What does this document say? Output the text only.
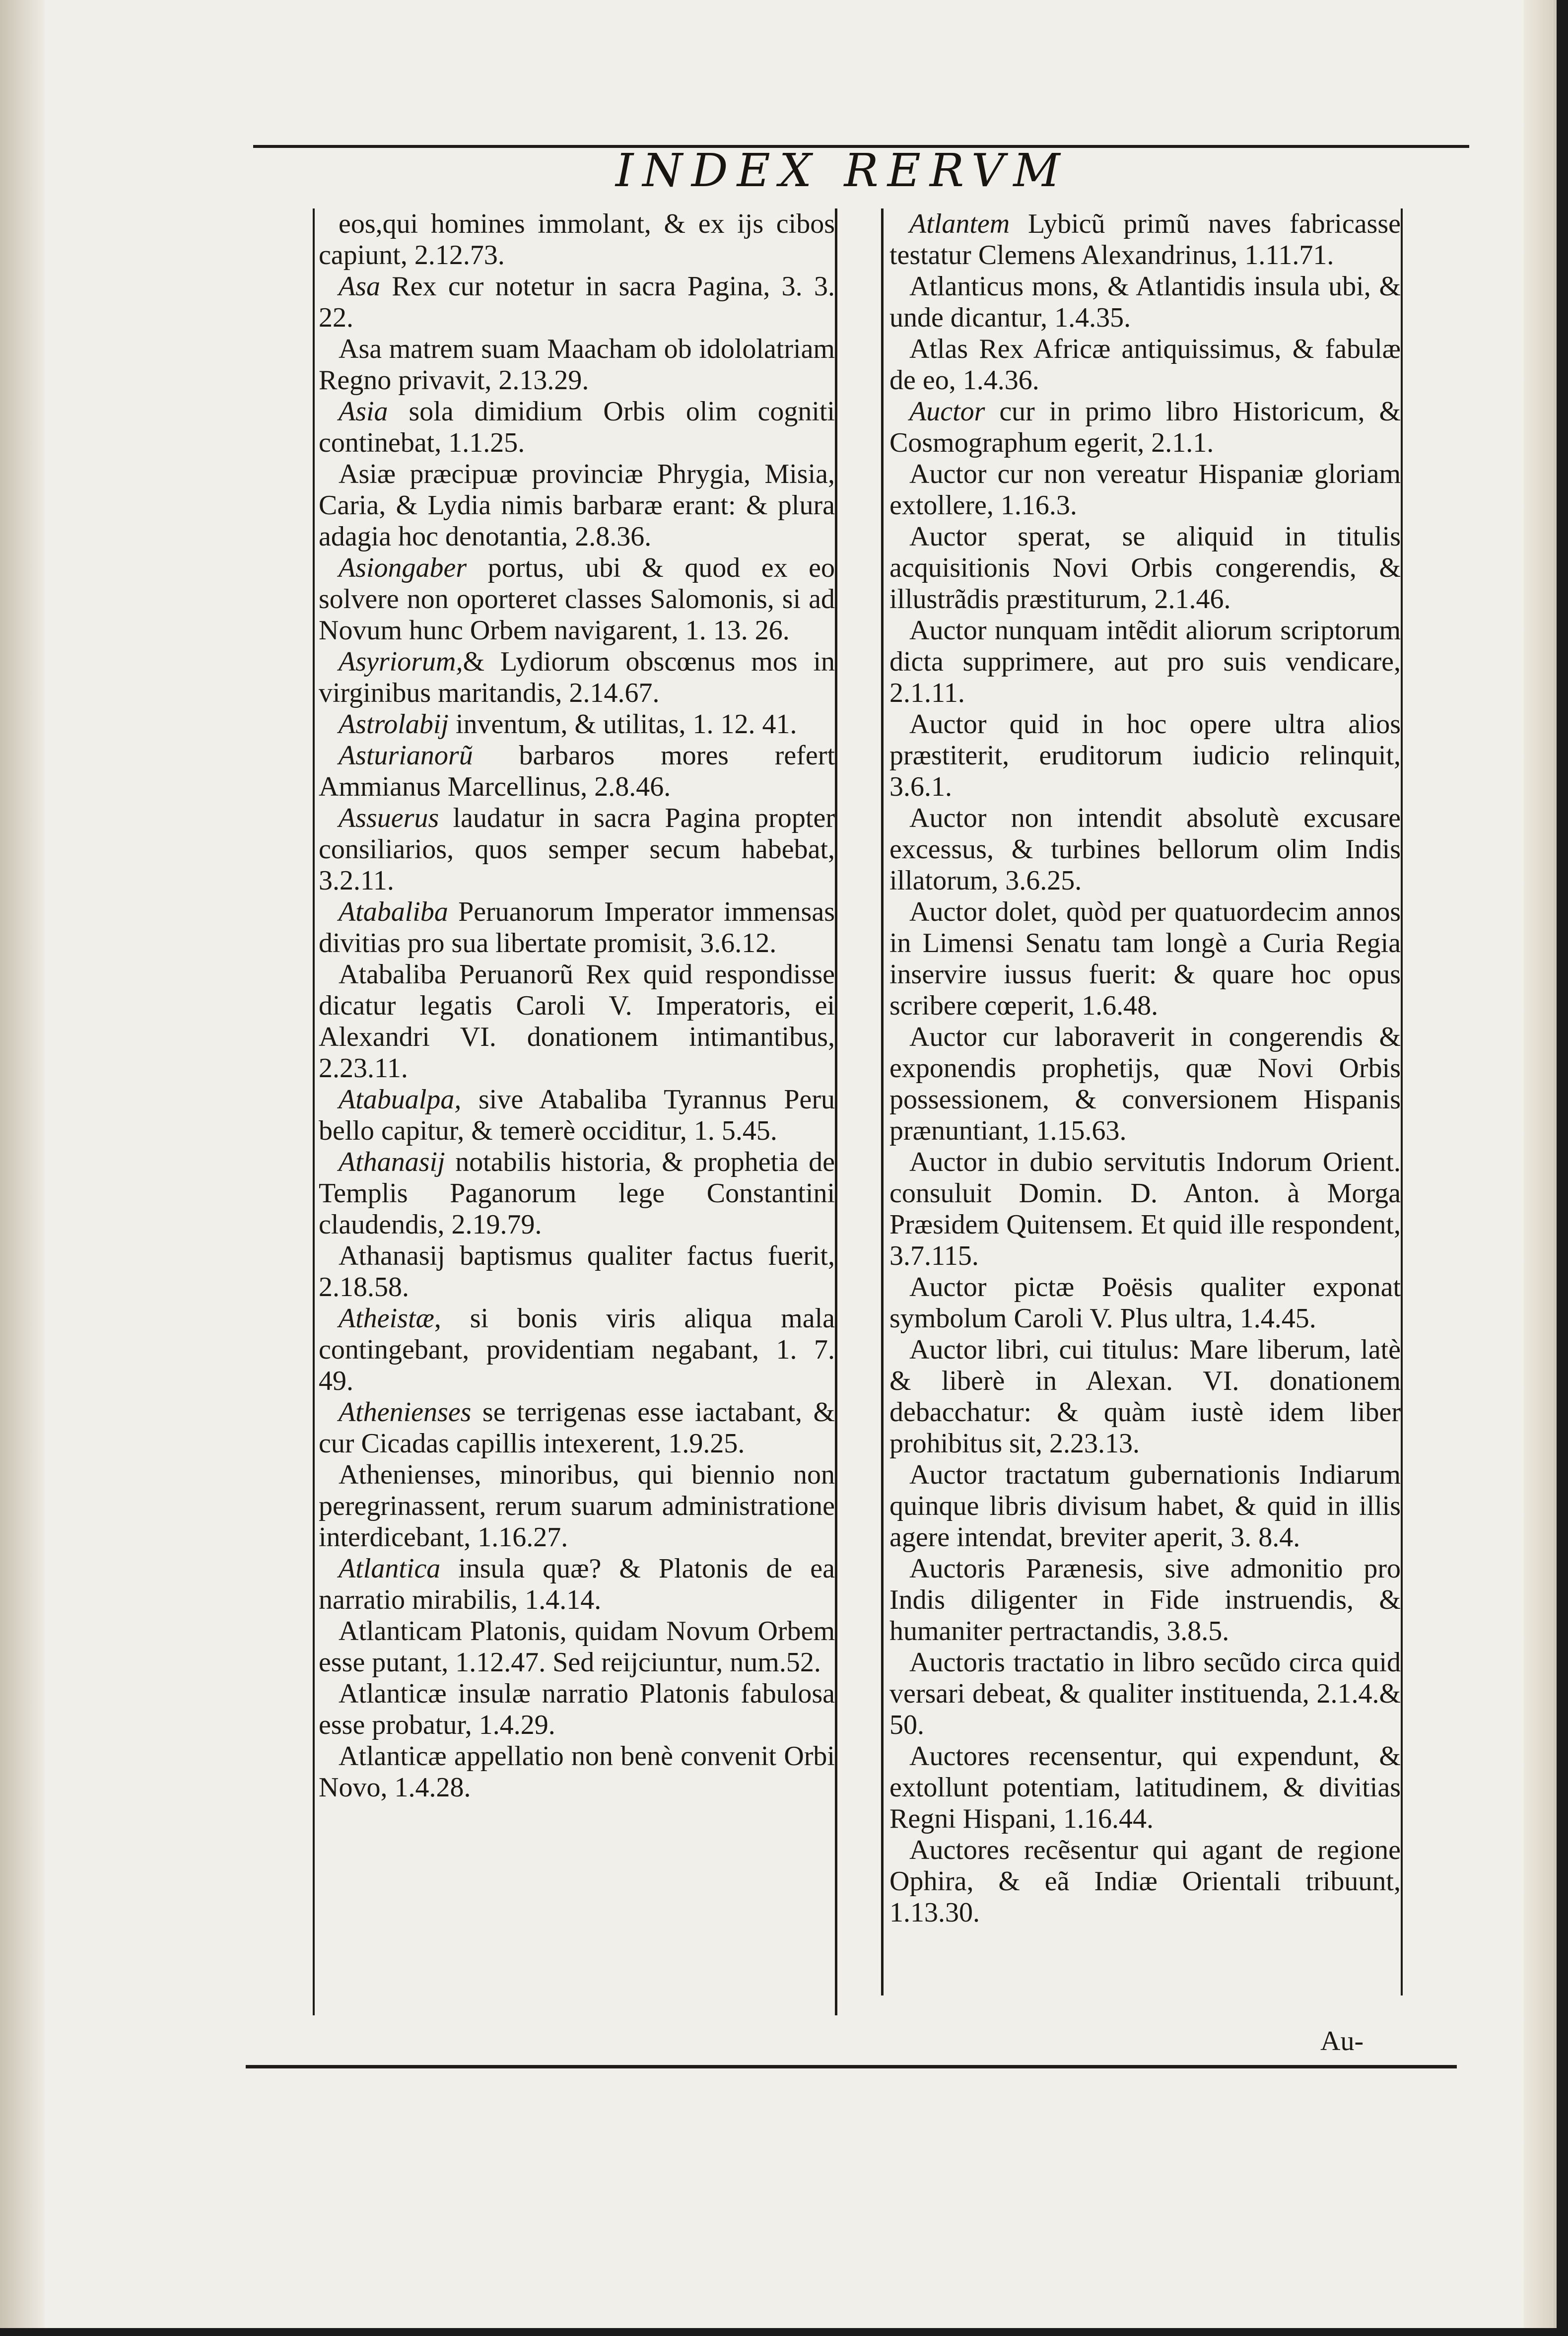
INDEX RERVM

eos,qui homines immolant, & ex ijs cibos capiunt, 2.12.73.

Asa Rex cur notetur in sacra Pagina, 3. 3. 22.

Asa matrem suam Maacham ob idololatriam Regno privavit, 2.13.29.

Asia sola dimidium Orbis olim cogniti continebat, 1.1.25.

Asiæ præcipuæ provinciæ Phrygia, Misia, Caria, & Lydia nimis barbaræ erant: & plura adagia hoc denotantia, 2.8.36.

Asiongaber portus, ubi & quod ex eo solvere non oporteret classes Salomonis, si ad Novum hunc Orbem navigarent, 1. 13. 26.

Asyriorum,& Lydiorum obscœnus mos in virginibus maritandis, 2.14.67.

Astrolabij inventum, & utilitas, 1. 12. 41.

Asturianorũ barbaros mores refert Ammianus Marcellinus, 2.8.46.

Assuerus laudatur in sacra Pagina propter consiliarios, quos semper secum habebat, 3.2.11.

Atabaliba Peruanorum Imperator immensas divitias pro sua libertate promisit, 3.6.12.

Atabaliba Peruanorũ Rex quid respondisse dicatur legatis Caroli V. Imperatoris, ei Alexandri VI. donationem intimantibus, 2.23.11.

Atabualpa, sive Atabaliba Tyrannus Peru bello capitur, & temerè occiditur, 1. 5.45.

Athanasij notabilis historia, & prophetia de Templis Paganorum lege Constantini claudendis, 2.19.79.

Athanasij baptismus qualiter factus fuerit, 2.18.58.

Atheistæ, si bonis viris aliqua mala contingebant, providentiam negabant, 1. 7. 49.

Athenienses se terrigenas esse iactabant, & cur Cicadas capillis intexerent, 1.9.25.

Athenienses, minoribus, qui biennio non peregrinassent, rerum suarum administratione interdicebant, 1.16.27.

Atlantica insula quæ? & Platonis de ea narratio mirabilis, 1.4.14.

Atlanticam Platonis, quidam Novum Orbem esse putant, 1.12.47. Sed reijciuntur, num.52.

Atlanticæ insulæ narratio Platonis fabulosa esse probatur, 1.4.29.

Atlanticæ appellatio non benè convenit Orbi Novo, 1.4.28.

Atlantem Lybicũ primũ naves fabricasse testatur Clemens Alexandrinus, 1.11.71.

Atlanticus mons, & Atlantidis insula ubi, & unde dicantur, 1.4.35.

Atlas Rex Africæ antiquissimus, & fabulæ de eo, 1.4.36.

Auctor cur in primo libro Historicum, & Cosmographum egerit, 2.1.1.

Auctor cur non vereatur Hispaniæ gloriam extollere, 1.16.3.

Auctor sperat, se aliquid in titulis acquisitionis Novi Orbis congerendis, & illustrãdis præstiturum, 2.1.46.

Auctor nunquam intẽdit aliorum scriptorum dicta supprimere, aut pro suis vendicare, 2.1.11.

Auctor quid in hoc opere ultra alios præstiterit, eruditorum iudicio relinquit, 3.6.1.

Auctor non intendit absolutè excusare excessus, & turbines bellorum olim Indis illatorum, 3.6.25.

Auctor dolet, quòd per quatuordecim annos in Limensi Senatu tam longè a Curia Regia inservire iussus fuerit: & quare hoc opus scribere cœperit, 1.6.48.

Auctor cur laboraverit in congerendis & exponendis prophetijs, quæ Novi Orbis possessionem, & conversionem Hispanis prænuntiant, 1.15.63.

Auctor in dubio servitutis Indorum Orient. consuluit Domin. D. Anton. à Morga Præsidem Quitensem. Et quid ille respondent, 3.7.115.

Auctor pictæ Poësis qualiter exponat symbolum Caroli V. Plus ultra, 1.4.45.

Auctor libri, cui titulus: Mare liberum, latè & liberè in Alexan. VI. donationem debacchatur: & quàm iustè idem liber prohibitus sit, 2.23.13.

Auctor tractatum gubernationis Indiarum quinque libris divisum habet, & quid in illis agere intendat, breviter aperit, 3. 8.4.

Auctoris Parænesis, sive admonitio pro Indis diligenter in Fide instruendis, & humaniter pertractandis, 3.8.5.

Auctoris tractatio in libro secũdo circa quid versari debeat, & qualiter instituenda, 2.1.4.& 50.

Auctores recensentur, qui expendunt, & extollunt potentiam, latitudinem, & divitias Regni Hispani, 1.16.44.

Auctores recẽsentur qui agant de regione Ophira, & eã Indiæ Orientali tribuunt, 1.13.30.

Au-
